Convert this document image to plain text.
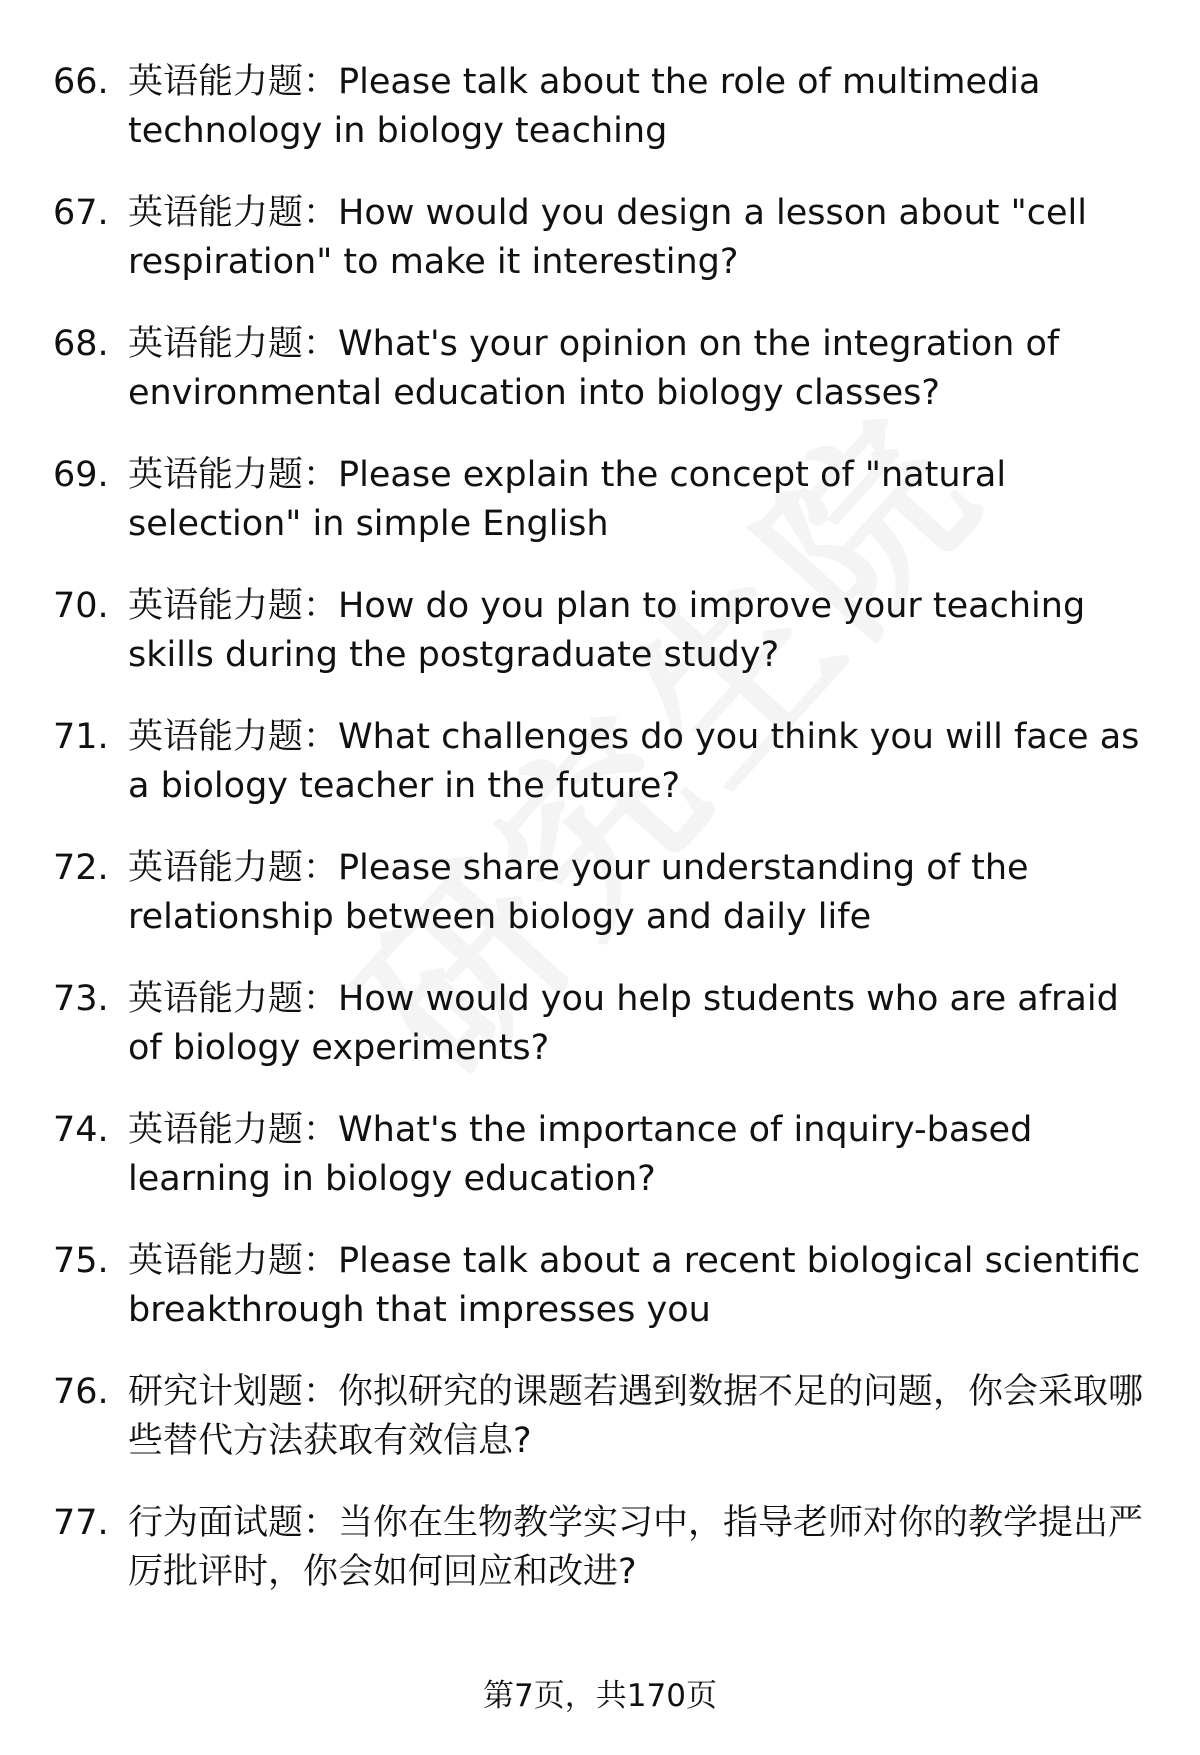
66. 英语能力题 ： Please talk about the role of multimedia technology in biology teaching
67. 英语能力题 ： How would you design a lesson about "cell respiration" to make it interesting?
68. 英语能力题 ： What's your opinion on the integration of environmental education into biology classes?
69. 英语能力题 ： Please explain the concept of "natural selection" in simple English
70. 英语能力题 ： How do you plan to improve your teaching skills during the postgraduate study?
71. 英语能力题 ： What challenges do you think you will face as a biology teacher in the future?
72. 英语能力题 ： Please share your understanding of the relationship between biology and daily life
73. 英语能力题 ： How would you help students who are afraid of biology experiments?
74. 英语能力题 ： What's the importance of inquiry-based learning in biology education?
75. 英语能力题 ： Please talk about a recent biological scientific breakthrough that impresses you
76. 研究计划题 ： 你拟研究的课题若遇到数据不足的问题，你会采取哪些替代方法获取有效信息?
77. 行为面试题 ： 当你在生物教学实习中，指导老师对你的教学提出严厉批评时，你会如何回应和改进?
第7页，共170页
